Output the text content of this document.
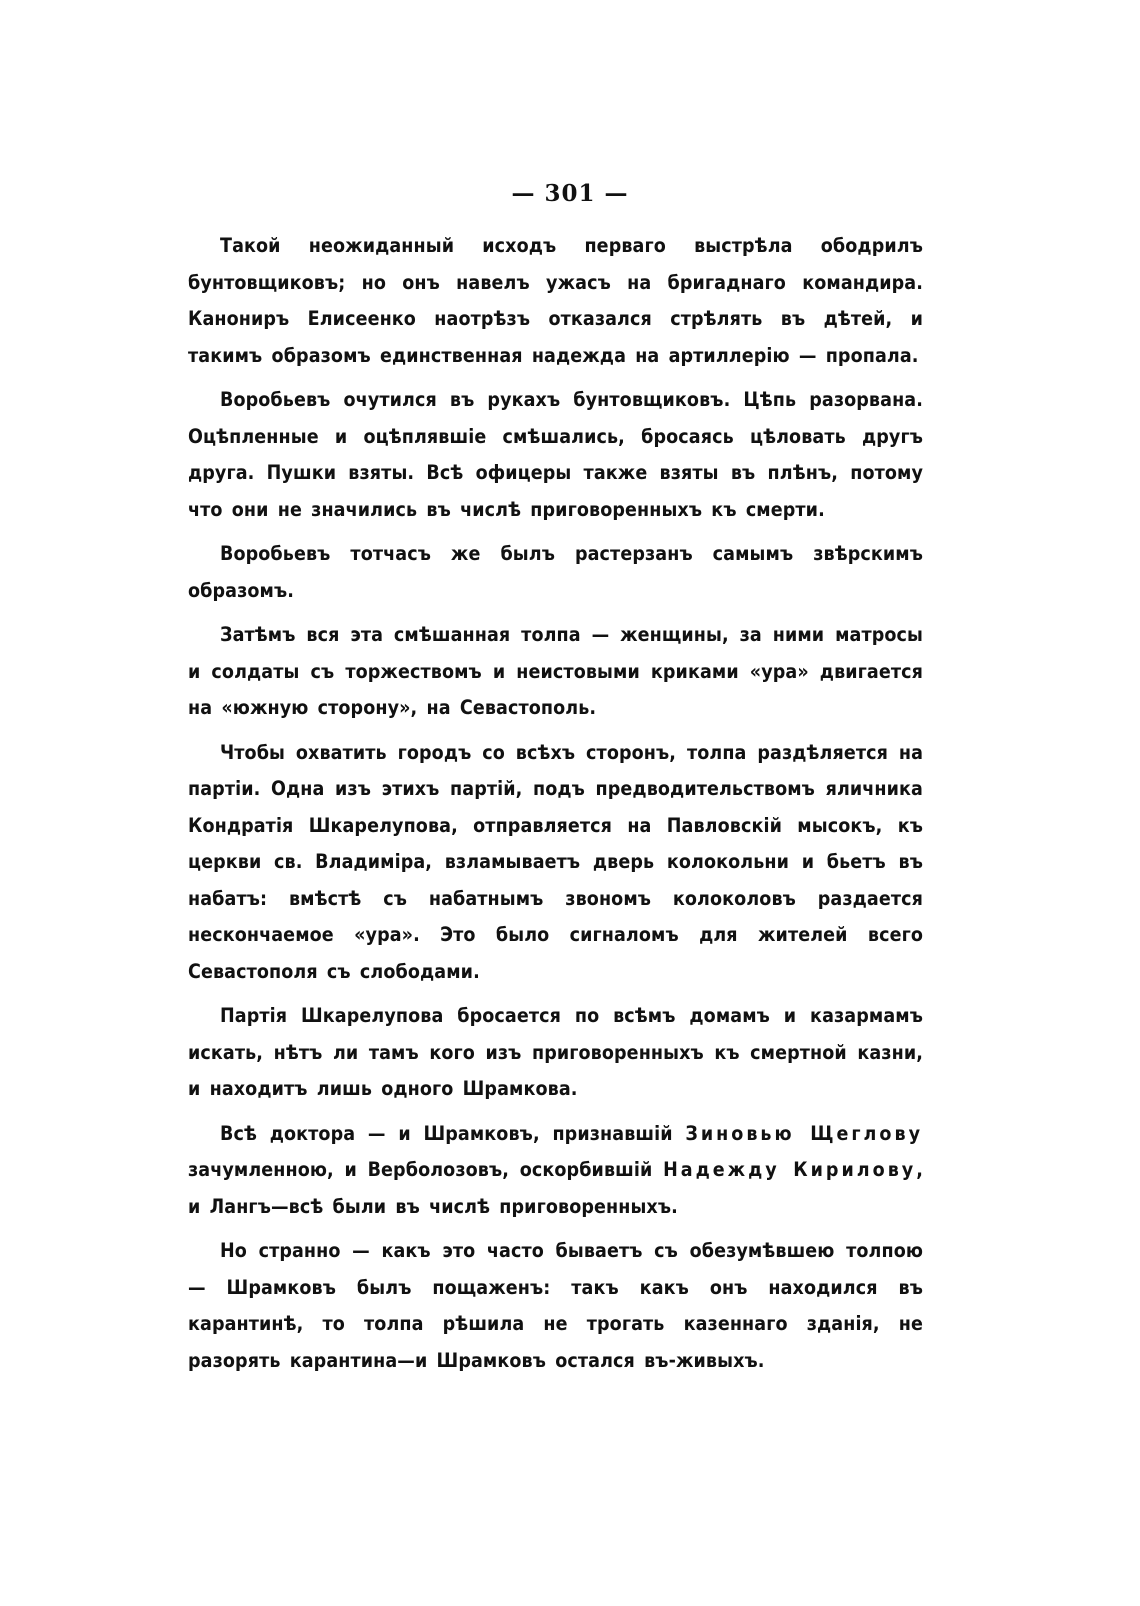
— 301 —

Такой неожиданный исходъ перваго выстрѣла ободрилъ бунтовщиковъ; но онъ навелъ ужасъ на бригаднаго командира. Канониръ Елисеенко наотрѣзъ отказался стрѣлять въ дѣтей, и такимъ образомъ единственная надежда на артиллерію — пропала.

Воробьевъ очутился въ рукахъ бунтовщиковъ. Цѣпь разорвана. Оцѣпленные и оцѣплявшіе смѣшались, бросаясь цѣловать другъ друга. Пушки взяты. Всѣ офицеры также взяты въ плѣнъ, потому что они не значились въ числѣ приговоренныхъ къ смерти.

Воробьевъ тотчасъ же былъ растерзанъ самымъ звѣрскимъ образомъ.

Затѣмъ вся эта смѣшанная толпа — женщины, за ними матросы и солдаты съ торжествомъ и неистовыми криками «ура» двигается на «южную сторону», на Севастополь.

Чтобы охватить городъ со всѣхъ сторонъ, толпа раздѣляется на партіи. Одна изъ этихъ партій, подъ предводительствомъ яличника Кондратія Шкарелупова, отправляется на Павловскій мысокъ, къ церкви св. Владиміра, взламываетъ дверь колокольни и бьетъ въ набатъ: вмѣстѣ съ набатнымъ звономъ колоколовъ раздается нескончаемое «ура». Это было сигналомъ для жителей всего Севастополя съ слободами.

Партія Шкарелупова бросается по всѣмъ домамъ и казармамъ искать, нѣтъ ли тамъ кого изъ приговоренныхъ къ смертной казни, и находитъ лишь одного Шрамкова.

Всѣ доктора — и Шрамковъ, признавшій Зиновью Щеглову зачумленною, и Верболозовъ, оскорбившій Надежду Кирилову, и Лангъ—всѣ были въ числѣ приговоренныхъ.

Но странно — какъ это часто бываетъ съ обезумѣвшею толпою — Шрамковъ былъ пощаженъ: такъ какъ онъ находился въ карантинѣ, то толпа рѣшила не трогать казеннаго зданія, не разорять карантина—и Шрамковъ остался въ-живыхъ.
